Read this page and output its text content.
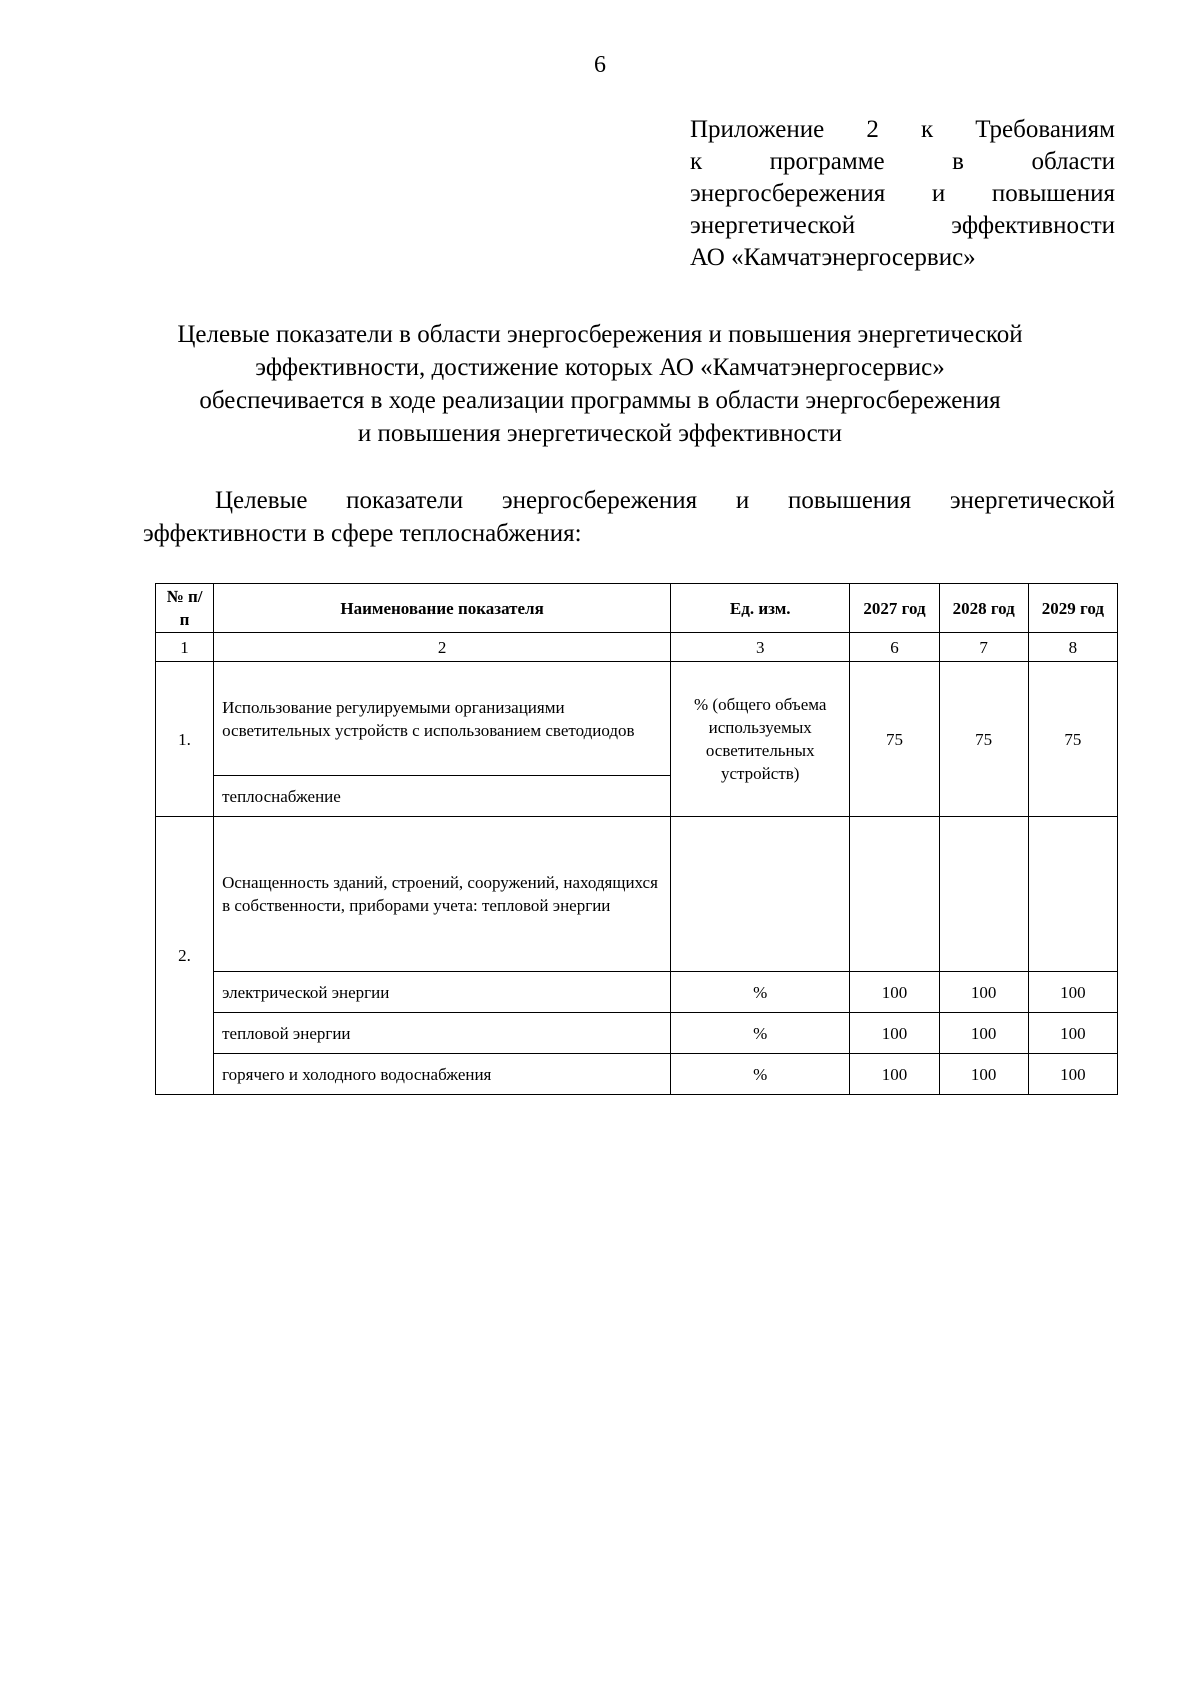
6
Приложение 2 к Требованиям
к	программе	в	области
энергосбережения и повышения
энергетической	эффективности
АО «Камчатэнергосервис»
Целевые показатели в области энергосбережения и повышения энергетической
эффективности, достижение которых АО «Камчатэнергосервис»
обеспечивается в ходе реализации программы в области энергосбережения
и повышения энергетической эффективности
Целевые показатели энергосбережения и повышения энергетической
эффективности в сфере теплоснабжения:
№ п/п	Наименование показателя	Ед. изм.	2027 год	2028 год	2029 год
1	2	3	6	7	8
1.	Использование регулируемыми организациями осветительных устройств с использованием светодиодов	% (общего объема используемых осветительных устройств)	75	75	75
	теплоснабжение				
2.	Оснащенность зданий, строений, сооружений, находящихся в собственности, приборами учета: тепловой энергии				
	электрической энергии	%	100	100	100
	тепловой энергии	%	100	100	100
	горячего и холодного водоснабжения	%	100	100	100
